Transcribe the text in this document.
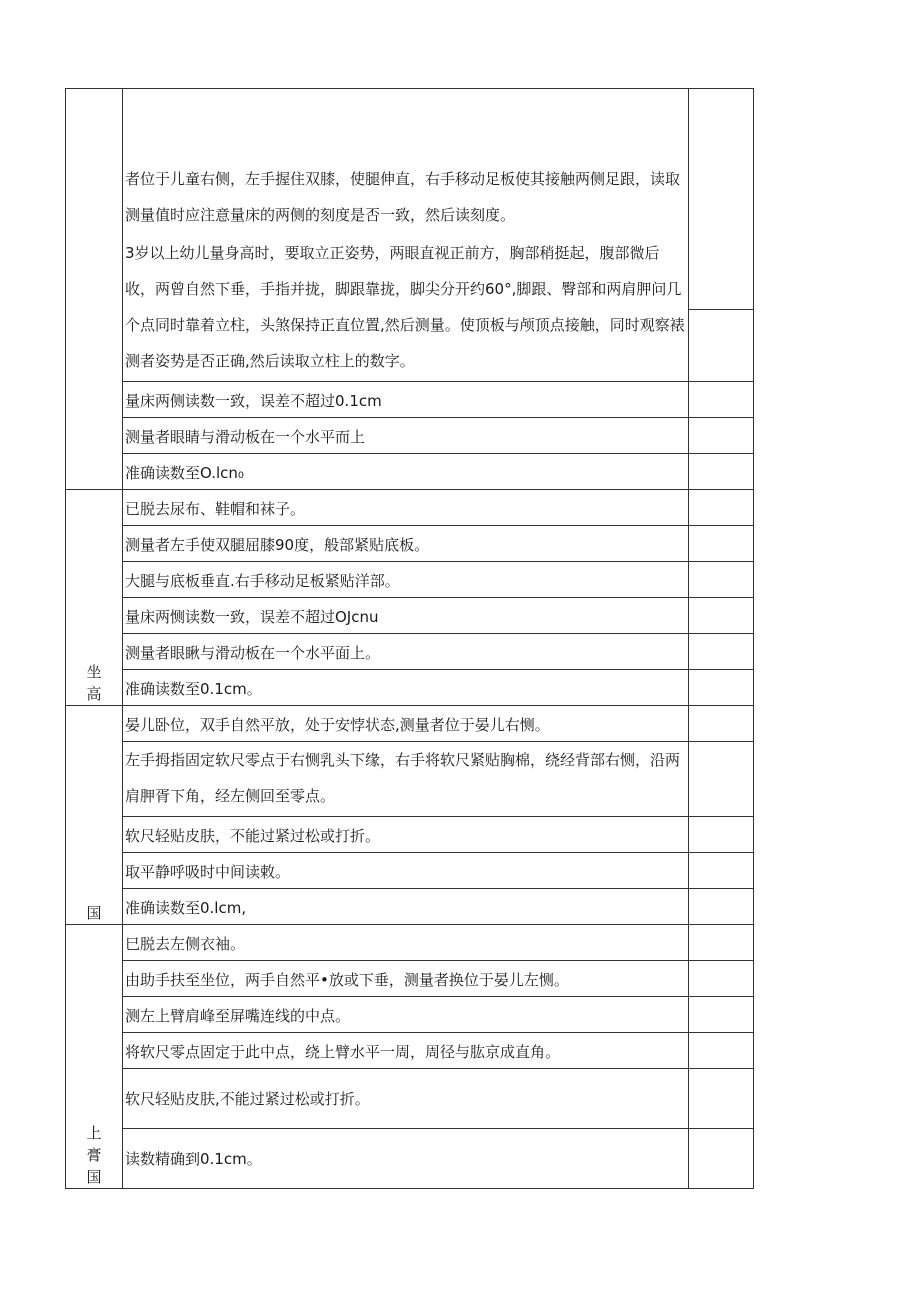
	者位于儿童右侧，左手握住双膝，使腿伸直，右手移动足板使其接触两侧足跟，读取测量值时应注意量床的两侧的刻度是否一致，然后读刻度。
3岁以上幼儿量身高时，要取立正姿势，两眼直视正前方，胸部稍挺起，腹部微后收，两曾自然下垂，手指并拢，脚跟靠拢，脚尖分开约60°,脚跟、臀部和两肩胛问几个点同时靠着立柱，头煞保持正直位置,然后测量。使顶板与颅顶点接触，同时观察裱测者姿势是否正确,然后读取立柱上的数字。	

	量床两侧读数一致，误差不超过0.1cm	

	测量者眼睛与滑动板在一个水平而上	

	准确读数至O.lcn₀	

坐高	已脱去尿布、鞋帽和袜子。	

	测量者左手使双腿屈膝90度，般部紧贴底板。	

	大腿与底板垂直.右手移动足板紧贴洋部。	

	量床两恻读数一致，误差不超过OJcnu	

	测量者眼瞅与滑动板在一个水平面上。	

	准确读数至0.1cm。	

国	晏儿卧位，双手自然平放，处于安悖状态,测量者位于晏儿右恻。	

	左手拇指固定软尺零点于右恻乳头下缘，右手将软尺紧贴胸棉，绕经背部右恻，沿两肩胛胥下角，经左侧回至零点。	

	软尺轻贴皮肤，不能过紧过松或打折。	

	取平静呼吸时中间读敕。	

	准确读数至0.lcm,	

上膏国	巳脱去左侧衣袖。	

	由助手扶至坐位，两手自然平•放或下垂，测量者换位于晏儿左恻。	

	测左上臂肩峰至屏嘴连线的中点。	

	将软尺零点固定于此中点，绕上臂水平一周，周径与肱京成直角。	

	软尺轻贴皮肤,不能过紧过松或打折。	

	读数精确到0.1cm。	
